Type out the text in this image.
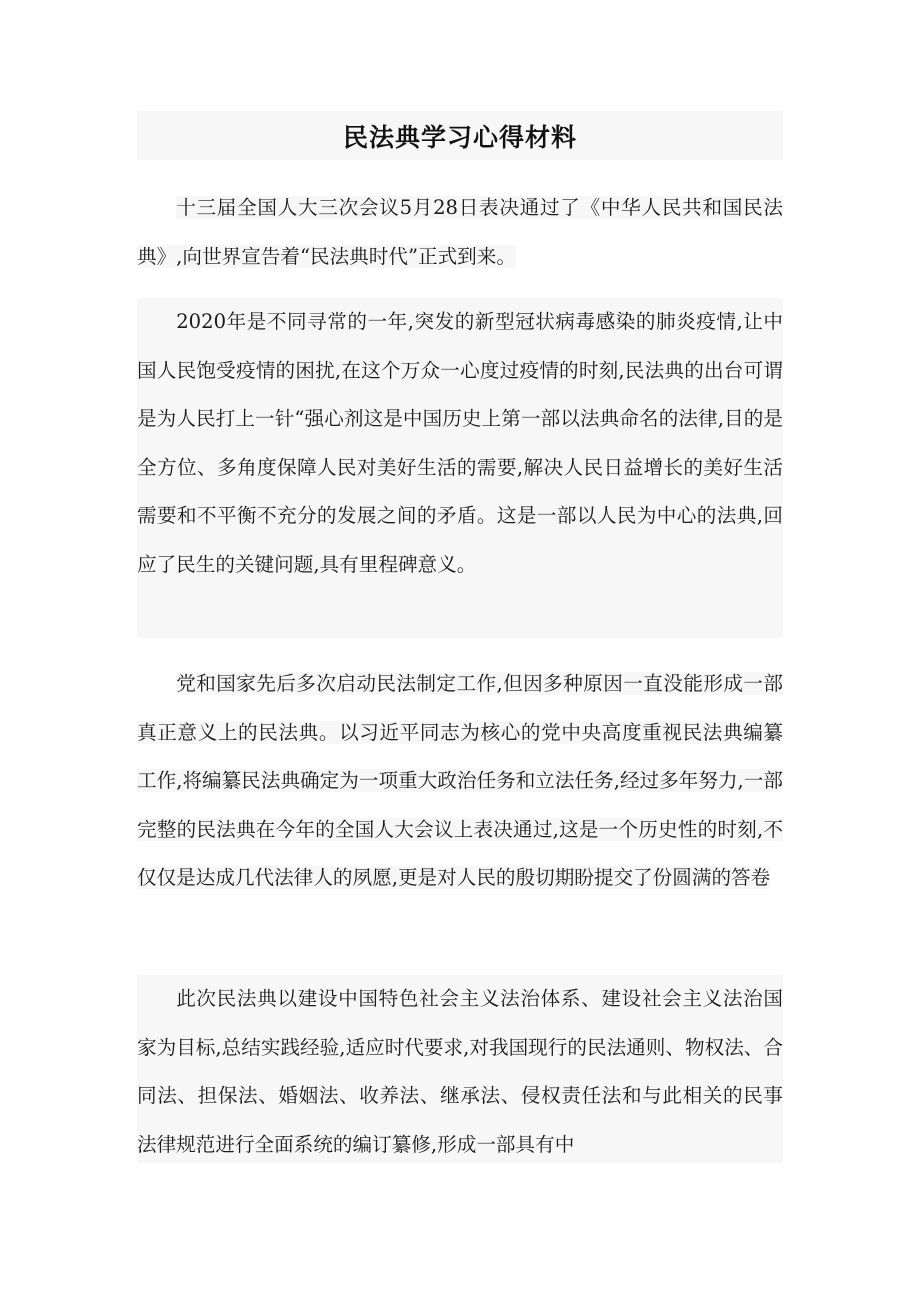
民法典学习心得材料

十三届全国人大三次会议5月28日表决通过了《中华人民共和国民法典》,向世界宣告着“民法典时代”正式到来。

2020年是不同寻常的一年,突发的新型冠状病毒感染的肺炎疫情,让中国人民饱受疫情的困扰,在这个万众一心度过疫情的时刻,民法典的出台可谓是为人民打上一针“强心剂这是中国历史上第一部以法典命名的法律,目的是全方位、多角度保障人民对美好生活的需要,解决人民日益增长的美好生活需要和不平衡不充分的发展之间的矛盾。这是一部以人民为中心的法典,回应了民生的关键问题,具有里程碑意义。

党和国家先后多次启动民法制定工作,但因多种原因一直没能形成一部真正意义上的民法典。以习近平同志为核心的党中央高度重视民法典编纂工作,将编纂民法典确定为一项重大政治任务和立法任务,经过多年努力,一部完整的民法典在今年的全国人大会议上表决通过,这是一个历史性的时刻,不仅仅是达成几代法律人的夙愿,更是对人民的殷切期盼提交了份圆满的答卷

此次民法典以建设中国特色社会主义法治体系、建设社会主义法治国家为目标,总结实践经验,适应时代要求,对我国现行的民法通则、物权法、合同法、担保法、婚姻法、收养法、继承法、侵权责任法和与此相关的民事法律规范进行全面系统的编订纂修,形成一部具有中
